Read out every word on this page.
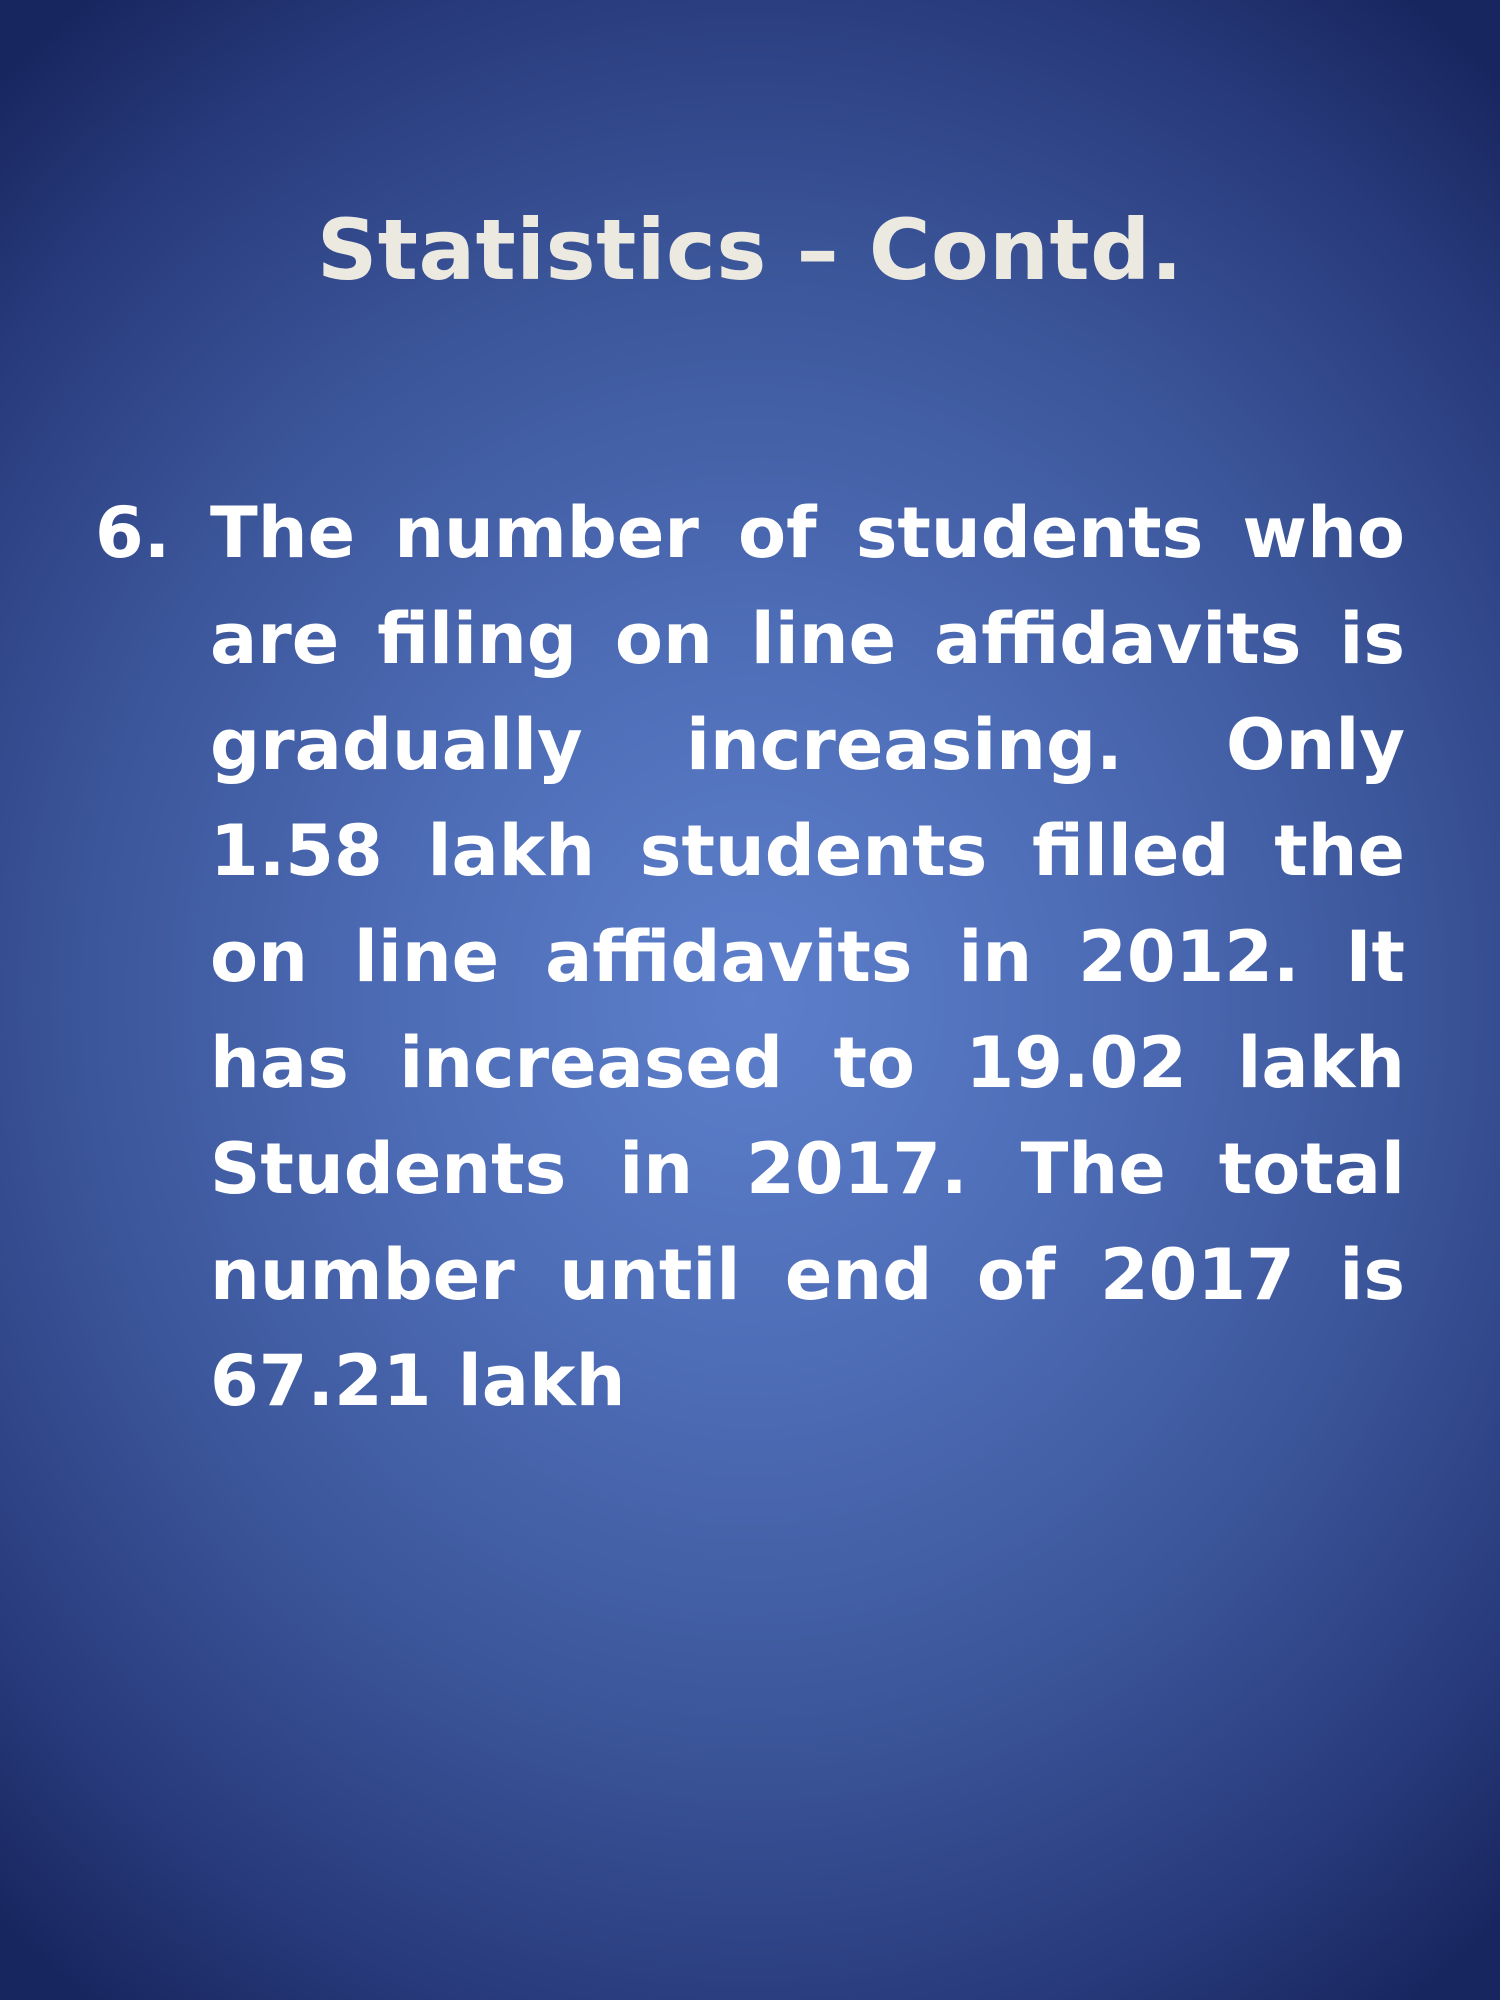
Statistics – Contd.
6. The number of students who are filing on line affidavits is gradually increasing. Only 1.58 lakh students filled the on line affidavits in 2012. It has increased to 19.02 lakh Students in 2017. The total number until end of 2017 is 67.21 lakh
